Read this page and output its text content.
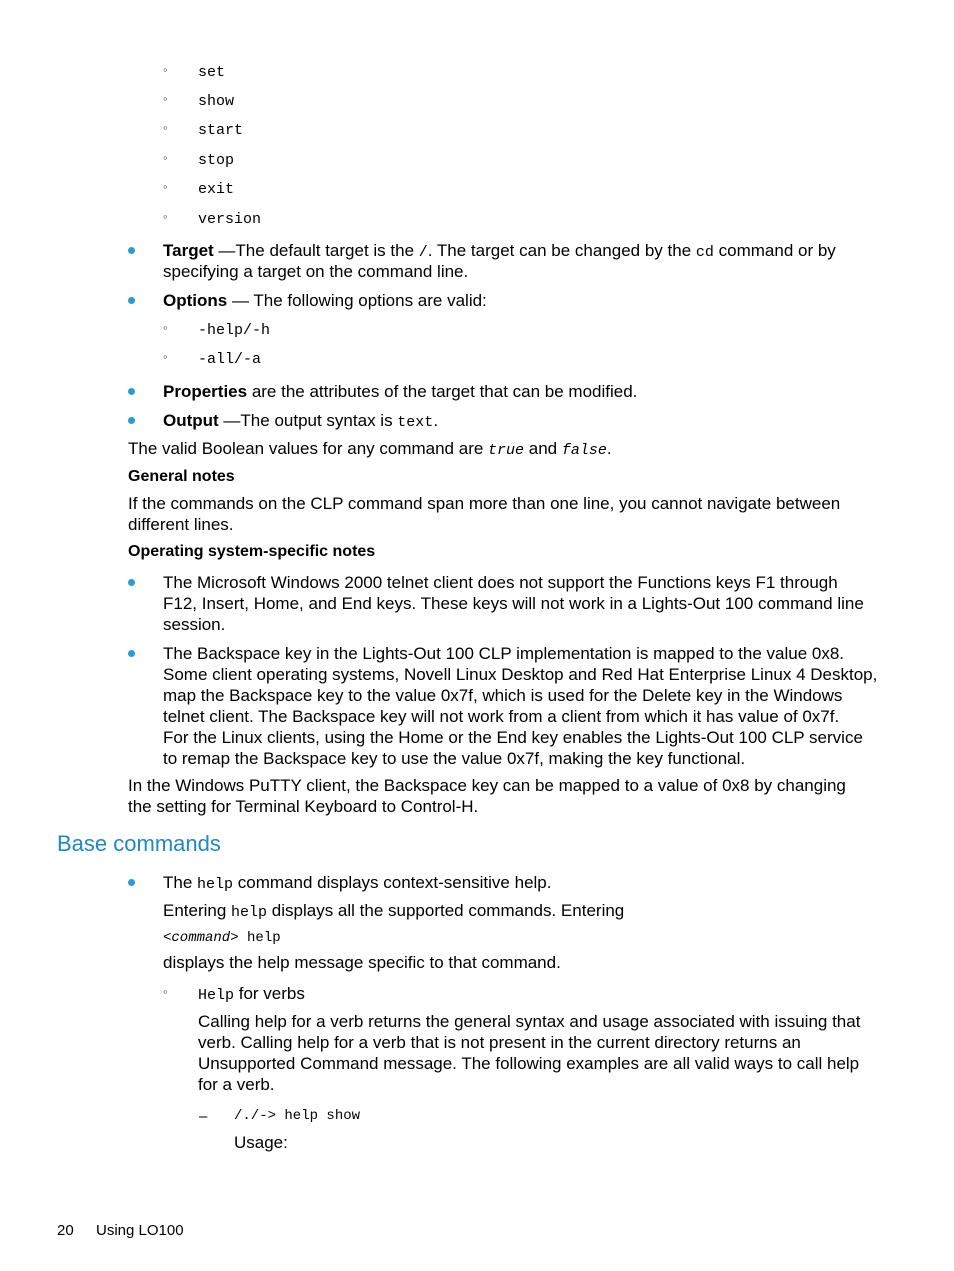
◦ set
◦ show
◦ start
◦ stop
◦ exit
◦ version
Target —The default target is the /. The target can be changed by the cd command or by
specifying a target on the command line.
Options — The following options are valid:
◦ -help/-h
◦ -all/-a
Properties are the attributes of the target that can be modified.
Output —The output syntax is text.
The valid Boolean values for any command are true and false.
General notes
If the commands on the CLP command span more than one line, you cannot navigate between
different lines.
Operating system-specific notes
The Microsoft Windows 2000 telnet client does not support the Functions keys F1 through
F12, Insert, Home, and End keys. These keys will not work in a Lights-Out 100 command line
session.
The Backspace key in the Lights-Out 100 CLP implementation is mapped to the value 0x8.
Some client operating systems, Novell Linux Desktop and Red Hat Enterprise Linux 4 Desktop,
map the Backspace key to the value 0x7f, which is used for the Delete key in the Windows
telnet client. The Backspace key will not work from a client from which it has value of 0x7f.
For the Linux clients, using the Home or the End key enables the Lights-Out 100 CLP service
to remap the Backspace key to use the value 0x7f, making the key functional.
In the Windows PuTTY client, the Backspace key can be mapped to a value of 0x8 by changing
the setting for Terminal Keyboard to Control-H.
Base commands
The help command displays context-sensitive help.
Entering help displays all the supported commands. Entering
<command> help
displays the help message specific to that command.
◦ Help for verbs
Calling help for a verb returns the general syntax and usage associated with issuing that
verb. Calling help for a verb that is not present in the current directory returns an
Unsupported Command message. The following examples are all valid ways to call help
for a verb.
– /./-> help show
Usage:
20 Using LO100
